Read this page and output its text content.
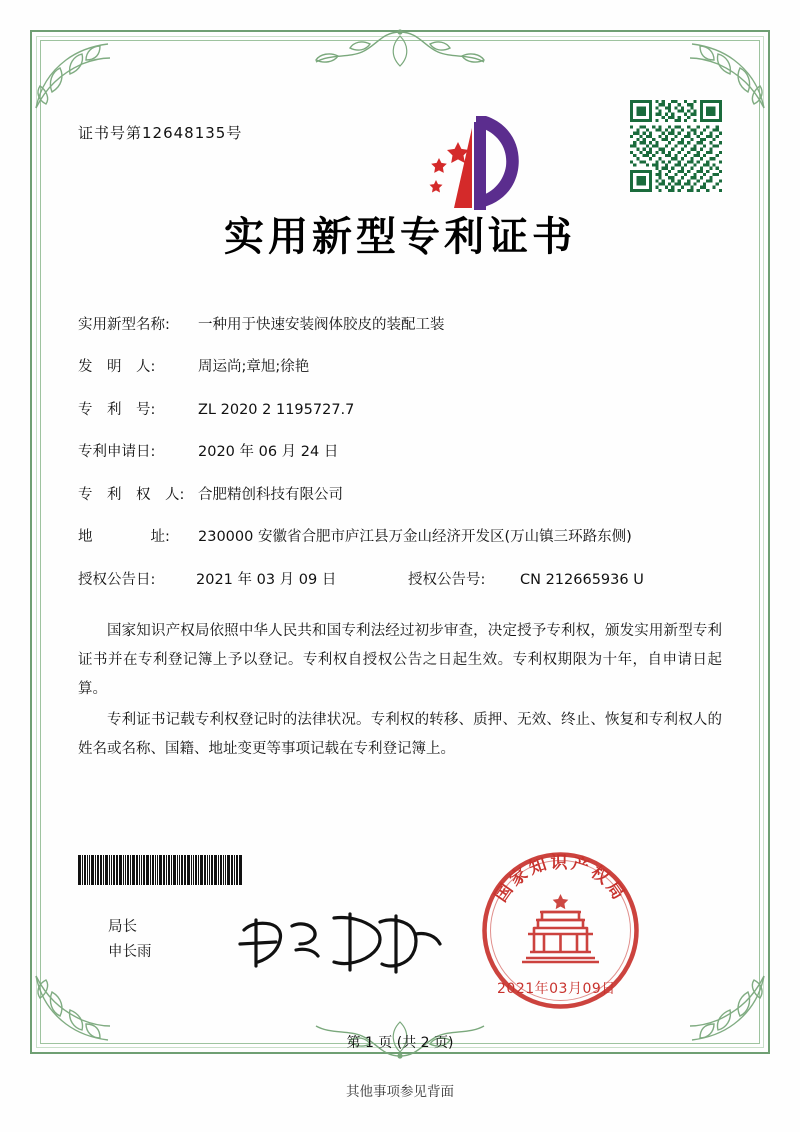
证书号第12648135号
实用新型专利证书
实用新型名称:	一种用于快速安装阀体胶皮的装配工装
发　明　人:	周运尚;章旭;徐艳
专　利　号:	ZL 2020 2 1195727.7
专利申请日:	2020 年 06 月 24 日
专　利　权　人: 合肥精创科技有限公司
地　　　　址:	230000 安徽省合肥市庐江县万金山经济开发区(万山镇三环路东侧)
授权公告日:	2021 年 03 月 09 日	授权公告号:	CN 212665936 U

国家知识产权局依照中华人民共和国专利法经过初步审查，决定授予专利权，颁发实用新型专利证书并在专利登记簿上予以登记。专利权自授权公告之日起生效。专利权期限为十年，自申请日起算。

专利证书记载专利权登记时的法律状况。专利权的转移、质押、无效、终止、恢复和专利权人的姓名或名称、国籍、地址变更等事项记载在专利登记簿上。

局长
申长雨
国家知识产权局
2021年03月09日
第 1 页 (共 2 页)
其他事项参见背面
